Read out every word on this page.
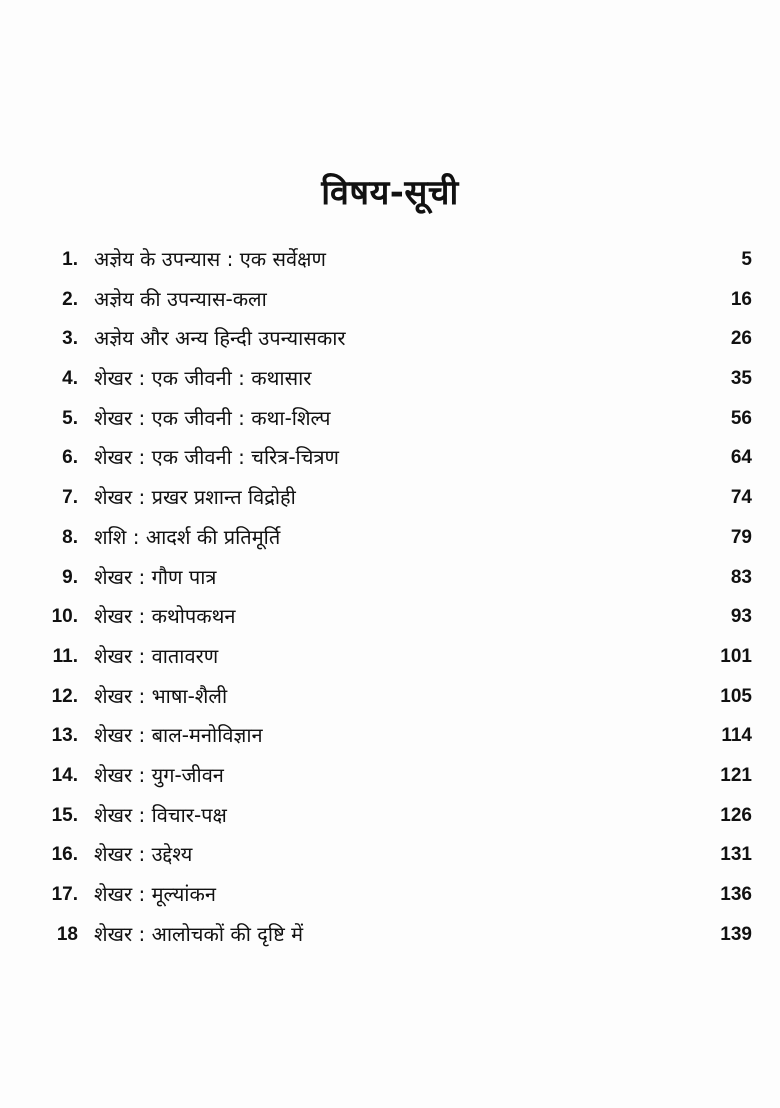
विषय-सूची
1. अज्ञेय के उपन्यास : एक सर्वेक्षण	5
2. अज्ञेय की उपन्यास-कला	16
3. अज्ञेय और अन्य हिन्दी उपन्यासकार	26
4. शेखर : एक जीवनी : कथासार	35
5. शेखर : एक जीवनी : कथा-शिल्प	56
6. शेखर : एक जीवनी : चरित्र-चित्रण	64
7. शेखर : प्रखर प्रशान्त विद्रोही	74
8. शशि : आदर्श की प्रतिमूर्ति	79
9. शेखर : गौण पात्र	83
10. शेखर : कथोपकथन	93
11. शेखर : वातावरण	101
12. शेखर : भाषा-शैली	105
13. शेखर : बाल-मनोविज्ञान	114
14. शेखर : युग-जीवन	121
15. शेखर : विचार-पक्ष	126
16. शेखर : उद्देश्य	131
17. शेखर : मूल्यांकन	136
18 शेखर : आलोचकों की दृष्टि में	139
